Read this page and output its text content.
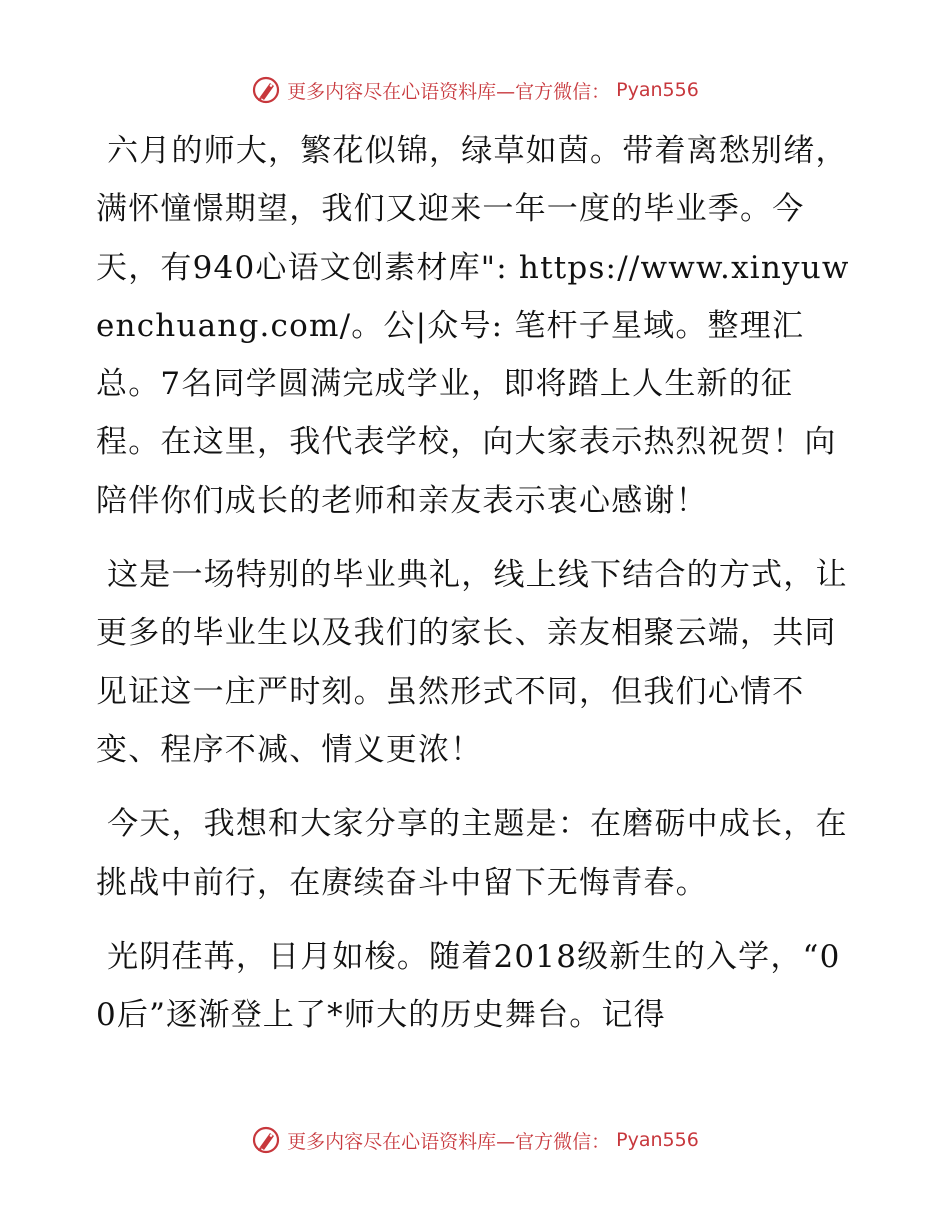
更多内容尽在心语资料库—官方微信： Pyan556

六月的师大，繁花似锦，绿草如茵。带着离愁别绪，满怀憧憬期望，我们又迎来一年一度的毕业季。今天，有940心语文创素材库": https://www.xinyuwenchuang.com/。公|众号: 笔杆子星域。整理汇总。7名同学圆满完成学业，即将踏上人生新的征程。在这里，我代表学校，向大家表示热烈祝贺！向陪伴你们成长的老师和亲友表示衷心感谢！

这是一场特别的毕业典礼，线上线下结合的方式，让更多的毕业生以及我们的家长、亲友相聚云端，共同见证这一庄严时刻。虽然形式不同，但我们心情不变、程序不减、情义更浓！

今天，我想和大家分享的主题是：在磨砺中成长，在挑战中前行，在赓续奋斗中留下无悔青春。

光阴荏苒，日月如梭。随着2018级新生的入学，“00后”逐渐登上了*师大的历史舞台。记得

更多内容尽在心语资料库—官方微信： Pyan556
